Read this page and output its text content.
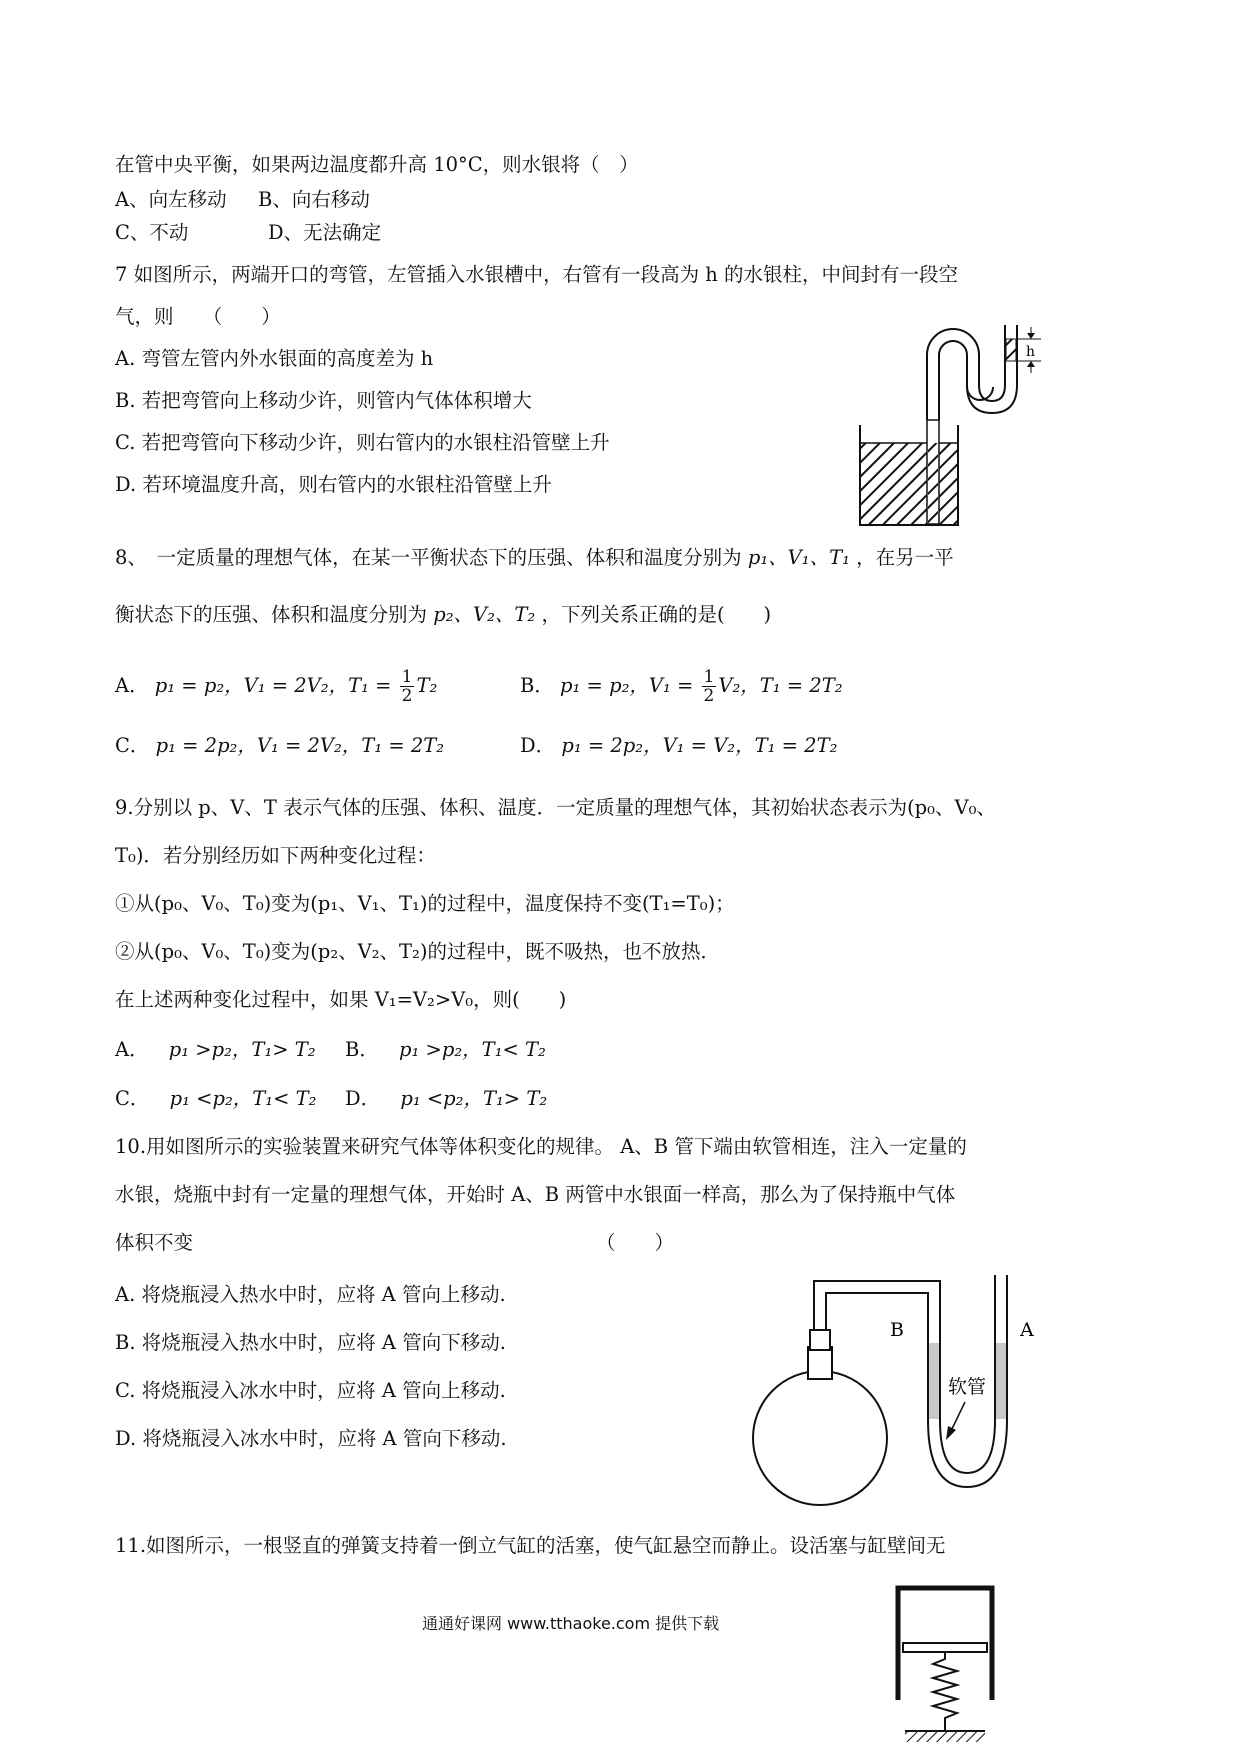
在管中央平衡，如果两边温度都升高 10°C，则水银将（　）
A、向左移动 B、向右移动
C、不动	D、无法确定
7 如图所示，两端开口的弯管，左管插入水银槽中，右管有一段高为 h 的水银柱，中间封有一段空
气，则　　（　　）
A. 弯管左管内外水银面的高度差为 h
B. 若把弯管向上移动少许，则管内气体体积增大
C. 若把弯管向下移动少许，则右管内的水银柱沿管壁上升
D. 若环境温度升高，则右管内的水银柱沿管壁上升
h
8、　一定质量的理想气体，在某一平衡状态下的压强、体积和温度分别为 p₁、V₁、T₁ ，在另一平
衡状态下的压强、体积和温度分别为 p₂、V₂、T₂ ，下列关系正确的是(　　)
A． p₁ = p₂，V₁ = 2V₂，$T_1 = \frac{1}{2} T_2$	B． p₁ = p₂，$V_1 = \frac{1}{2} V_2$，T₁ = 2T₂
C． p₁ = 2p₂，V₁ = 2V₂，T₁ = 2T₂	D． p₁ = 2p₂，V₁ = V₂，T₁ = 2T₂
9.分别以 p、V、T 表示气体的压强、体积、温度．一定质量的理想气体，其初始状态表示为(p₀、V₀、
T₀)．若分别经历如下两种变化过程：
①从(p₀、V₀、T₀)变为(p₁、V₁、T₁)的过程中，温度保持不变(T₁=T₀)；
②从(p₀、V₀、T₀)变为(p₂、V₂、T₂)的过程中，既不吸热，也不放热．
在上述两种变化过程中，如果 V₁=V₂>V₀，则(　　)
A． p₁ >p₂，T₁> T₂ B． p₁ >p₂，T₁< T₂
C． p₁ <p₂，T₁< T₂ D． p₁ <p₂，T₁> T₂
10.用如图所示的实验装置来研究气体等体积变化的规律。 A、B 管下端由软管相连，注入一定量的
水银，烧瓶中封有一定量的理想气体，开始时 A、B 两管中水银面一样高，那么为了保持瓶中气体
体积不变	（　　）
A. 将烧瓶浸入热水中时，应将 A 管向上移动.
B. 将烧瓶浸入热水中时，应将 A 管向下移动.
C. 将烧瓶浸入冰水中时，应将 A 管向上移动.
D. 将烧瓶浸入冰水中时，应将 A 管向下移动.
B	A
软管
11.如图所示，一根竖直的弹簧支持着一倒立气缸的活塞，使气缸悬空而静止。设活塞与缸壁间无
通通好课网 www.tthaoke.com 提供下载
